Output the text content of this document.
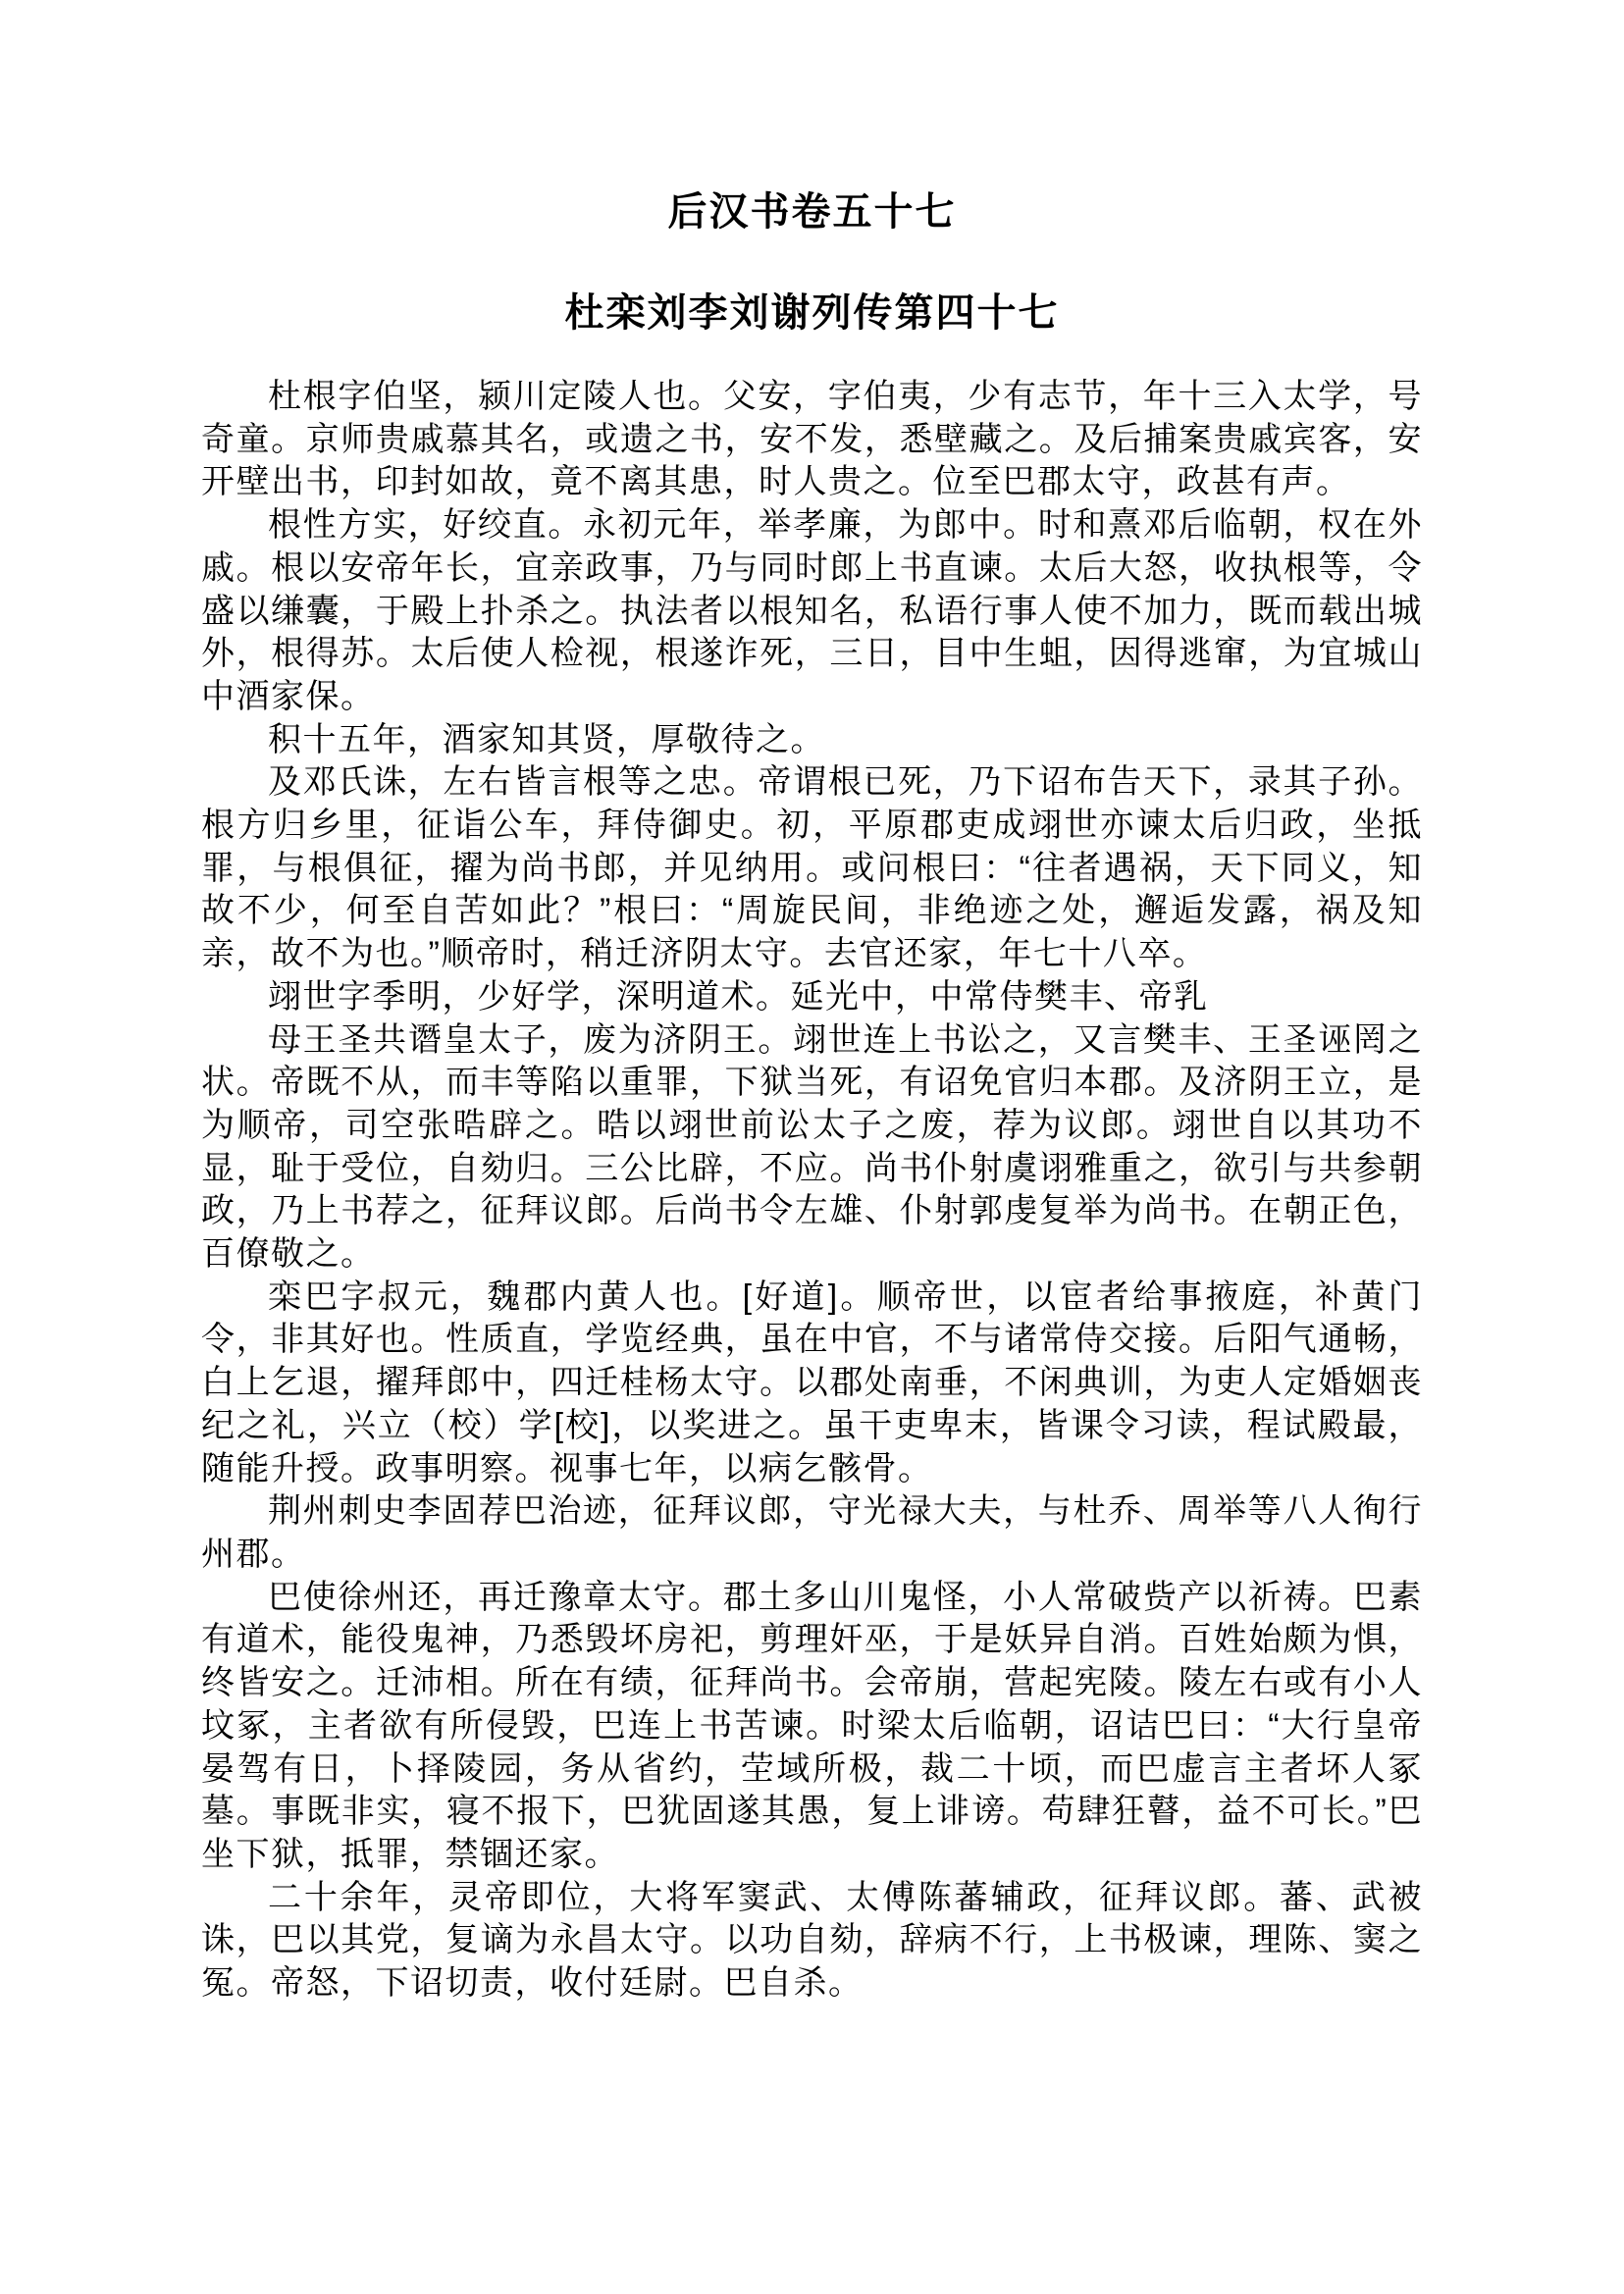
后汉书卷五十七
杜栾刘李刘谢列传第四十七

杜根字伯坚，颍川定陵人也。父安，字伯夷，少有志节，年十三入太学，号奇童。京师贵戚慕其名，或遗之书，安不发，悉壁藏之。及后捕案贵戚宾客，安开壁出书，印封如故，竟不离其患，时人贵之。位至巴郡太守，政甚有声。

根性方实，好绞直。永初元年，举孝廉，为郎中。时和熹邓后临朝，权在外戚。根以安帝年长，宜亲政事，乃与同时郎上书直谏。太后大怒，收执根等，令盛以缣囊，于殿上扑杀之。执法者以根知名，私语行事人使不加力，既而载出城外，根得苏。太后使人检视，根遂诈死，三日，目中生蛆，因得逃窜，为宜城山中酒家保。

积十五年，酒家知其贤，厚敬待之。

及邓氏诛，左右皆言根等之忠。帝谓根已死，乃下诏布告天下，录其子孙。根方归乡里，征诣公车，拜侍御史。初，平原郡吏成翊世亦谏太后归政，坐抵罪，与根俱征，擢为尚书郎，并见纳用。或问根曰：“往者遇祸，天下同义，知故不少，何至自苦如此？”根曰：“周旋民间，非绝迹之处，邂逅发露，祸及知亲，故不为也。”顺帝时，稍迁济阴太守。去官还家，年七十八卒。

翊世字季明，少好学，深明道术。延光中，中常侍樊丰、帝乳

母王圣共谮皇太子，废为济阴王。翊世连上书讼之，又言樊丰、王圣诬罔之状。帝既不从，而丰等陷以重罪，下狱当死，有诏免官归本郡。及济阴王立，是为顺帝，司空张晧辟之。晧以翊世前讼太子之废，荐为议郎。翊世自以其功不显，耻于受位，自劾归。三公比辟，不应。尚书仆射虞诩雅重之，欲引与共参朝政，乃上书荐之，征拜议郎。后尚书令左雄、仆射郭虔复举为尚书。在朝正色，百僚敬之。

栾巴字叔元，魏郡内黄人也。[好道]。顺帝世，以宦者给事掖庭，补黄门令，非其好也。性质直，学览经典，虽在中官，不与诸常侍交接。后阳气通畅，白上乞退，擢拜郎中，四迁桂杨太守。以郡处南垂，不闲典训，为吏人定婚姻丧纪之礼，兴立（校）学[校]，以奖进之。虽干吏卑末，皆课令习读，程试殿最，随能升授。政事明察。视事七年，以病乞骸骨。

荆州刺史李固荐巴治迹，征拜议郎，守光禄大夫，与杜乔、周举等八人徇行州郡。

巴使徐州还，再迁豫章太守。郡土多山川鬼怪，小人常破赀产以祈祷。巴素有道术，能役鬼神，乃悉毁坏房祀，剪理奸巫，于是妖异自消。百姓始颇为惧，终皆安之。迁沛相。所在有绩，征拜尚书。会帝崩，营起宪陵。陵左右或有小人坟冢，主者欲有所侵毁，巴连上书苦谏。时梁太后临朝，诏诘巴曰：“大行皇帝晏驾有日，卜择陵园，务从省约，茔域所极，裁二十顷，而巴虚言主者坏人冢墓。事既非实，寝不报下，巴犹固遂其愚，复上诽谤。苟肆狂瞽，益不可长。”巴坐下狱，抵罪，禁锢还家。

二十余年，灵帝即位，大将军窦武、太傅陈蕃辅政，征拜议郎。蕃、武被诛，巴以其党，复谪为永昌太守。以功自劾，辞病不行，上书极谏，理陈、窦之冤。帝怒，下诏切责，收付廷尉。巴自杀。
